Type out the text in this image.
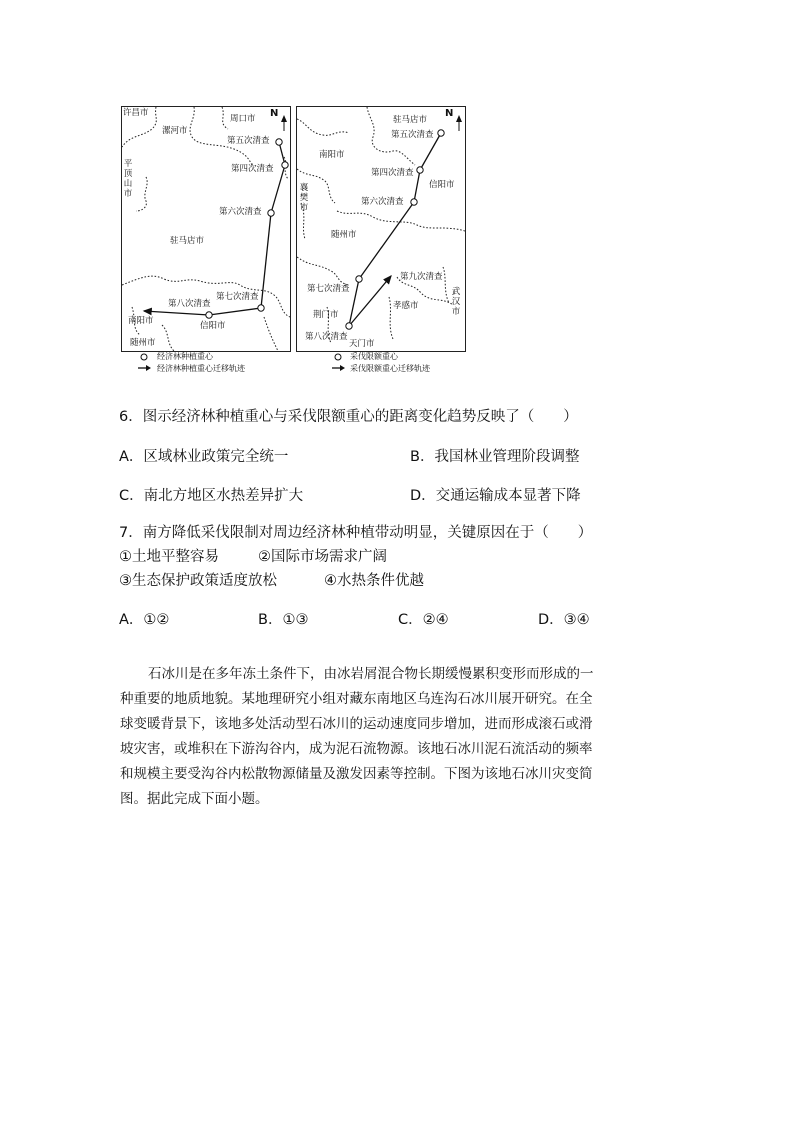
N
许昌市
周口市
漯河市
平顶山市
第五次清查
第四次清查
第六次清查
驻马店市
第七次清查
第八次清查
南阳市	信阳市
随州市
经济林种植重心
经济林种植重心迁移轨迹
N
驻马店市
第五次清查
南阳市
第四次清查
信阳市
襄樊市
第六次清查
随州市
第九次清查
第七次清查	武汉市
孝感市
荆门市
第八次清查
天门市
采伐限额重心
采伐限额重心迁移轨迹
6．图示经济林种植重心与采伐限额重心的距离变化趋势反映了（　　）
A．区域林业政策完全统一	B．我国林业管理阶段调整
C．南北方地区水热差异扩大	D．交通运输成本显著下降
7．南方降低采伐限制对周边经济林种植带动明显，关键原因在于（　　）
①土地平整容易	②国际市场需求广阔
③生态保护政策适度放松	④水热条件优越
A．①②	B．①③	C．②④	D．③④
石冰川是在多年冻土条件下，由冰岩屑混合物长期缓慢累积变形而形成的一
种重要的地质地貌。某地理研究小组对藏东南地区乌连沟石冰川展开研究。在全
球变暖背景下，该地多处活动型石冰川的运动速度同步增加，进而形成滚石或滑
坡灾害，或堆积在下游沟谷内，成为泥石流物源。该地石冰川泥石流活动的频率
和规模主要受沟谷内松散物源储量及激发因素等控制。下图为该地石冰川灾变简
图。据此完成下面小题。
